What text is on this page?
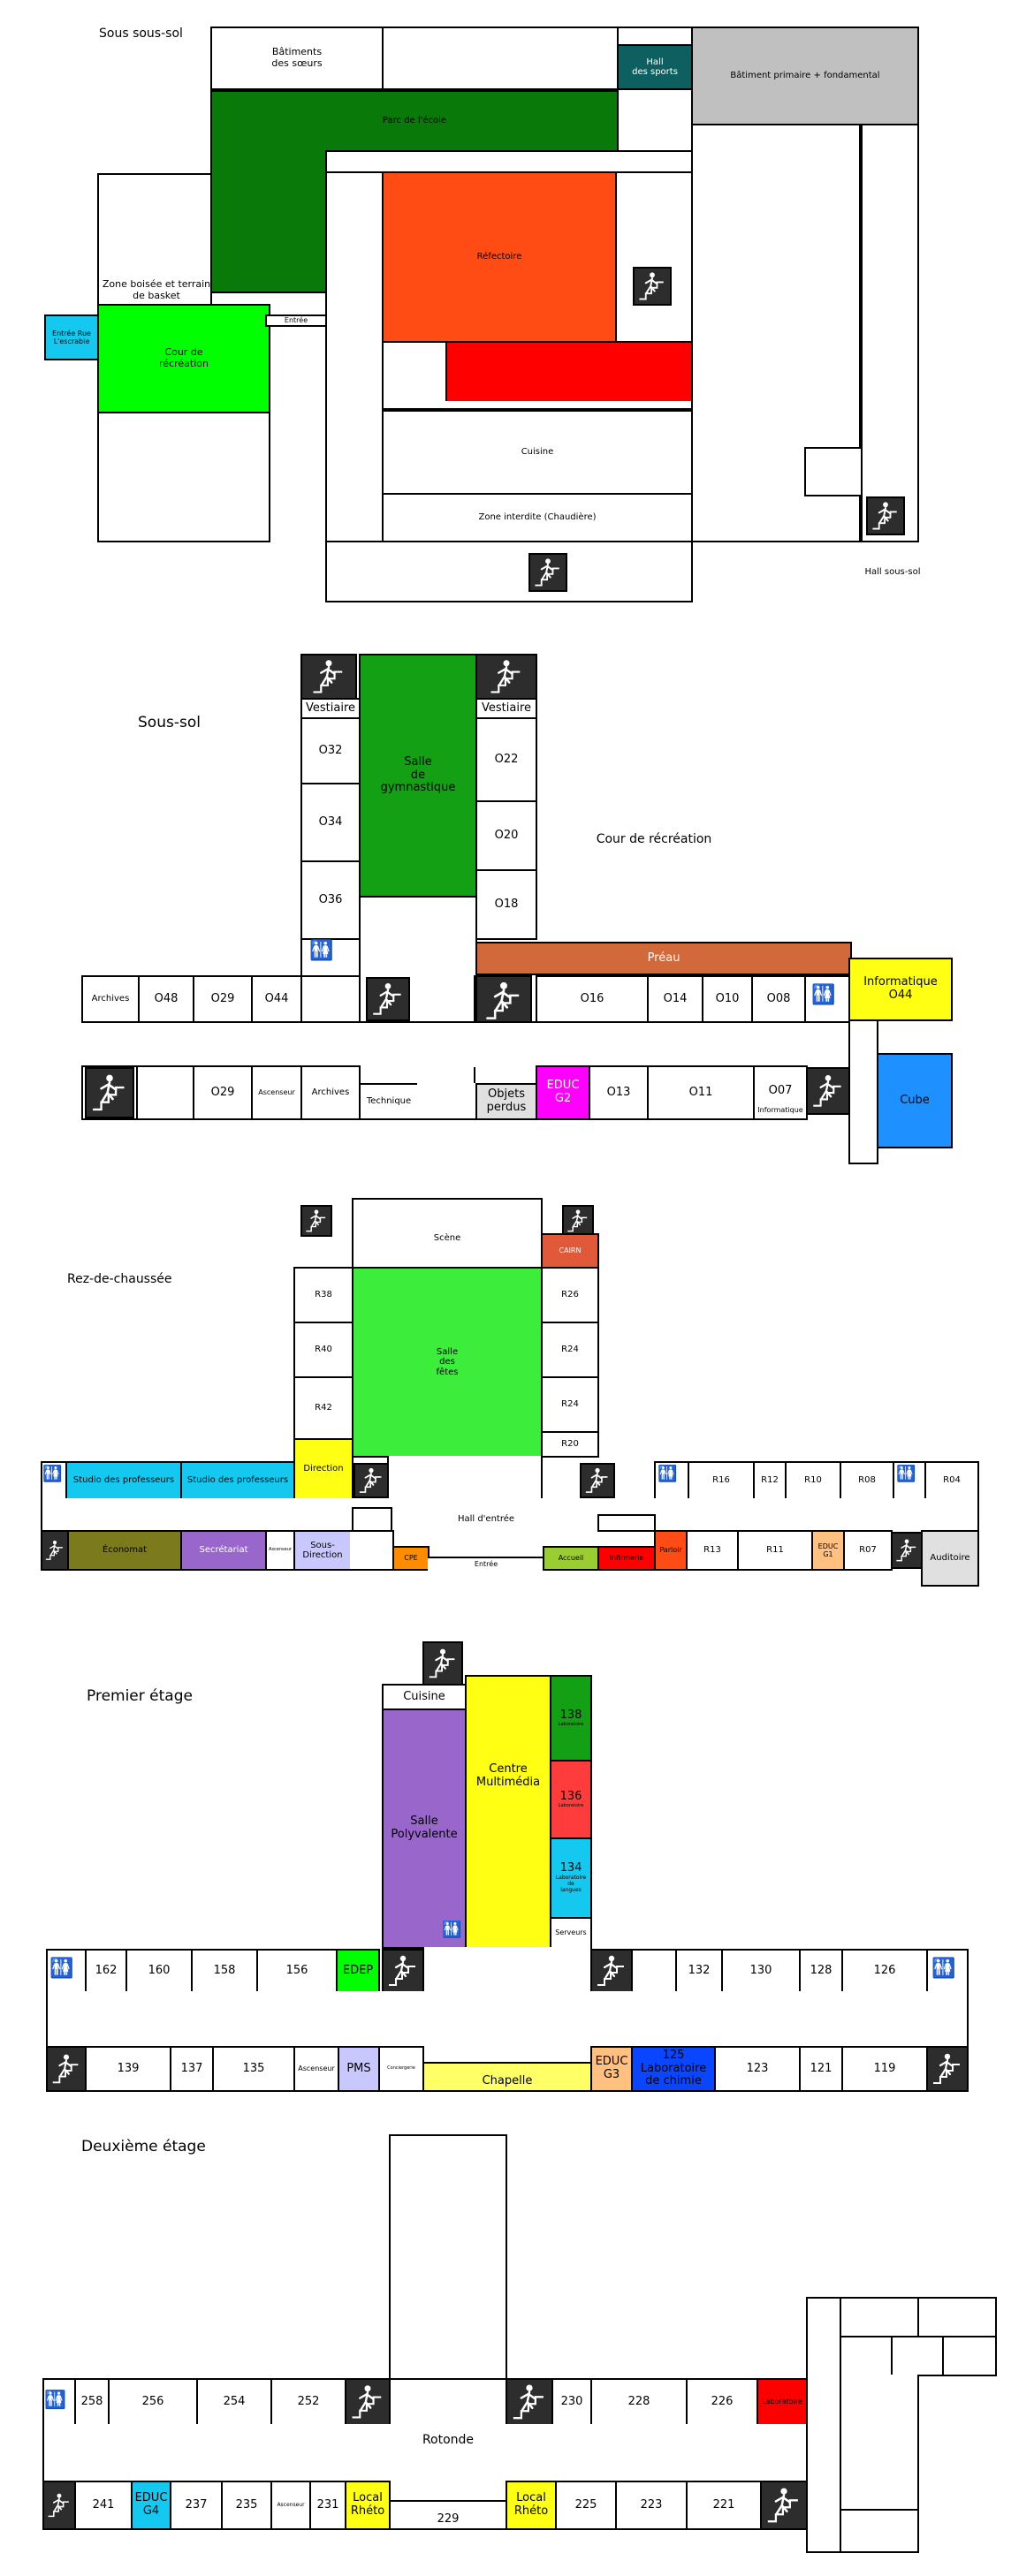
Sous sous-sol
Bâtiments
des sœurs	Hall
des sports	Bâtiment primaire + fondamental
Parc de l'école
Zone boisée et terrain
de basket
Réfectoire
Cour de
récréation
Entrée
Entrée Rue
L'escrabie
Cuisine
Zone interdite (Chaudière)
Hall sous-sol
Sous-sol
Vestiaire
Salle
de
gymnastique
Vestiaire
O32
O34
O36
🚻
O22
O20
O18
Cour de récréation
Préau
Archives	O48	O29	O44	O16	O14	O10	O08	🚻
Informatique
O44
O29	Ascenseur	Archives
Technique
Objets
perdus
EDUC
G2	O13	O11	O07
Informatique
Cube
Rez-de-chaussée
Scène
CAIRN
R38
R40
R42
Salle
des
fêtes
R26
R24
R24
R20
🚻	Studio des professeurs	Studio des professeurs
Direction	🚻	R16	R12	R10	R08	🚻	R04
Hall d'entrée
Économat	Secrétariat	Ascenseur	Sous-
Direction	CPE
Entrée
Accueil	Infirmerie
Parloir	R13	R11	EDUC
G1	R07
Auditoire
Premier étage	Cuisine
Salle
Polyvalente
🚻
Centre
Multimédia
138
Laboratoire
136
Laboratoire
134
Laboratoire
de
langues
Serveurs
🚻	162	160	158	156	EDEP	132	130	128	126	🚻
139	137	135	Ascenseur	PMS	Conciergerie
Chapelle
EDUC
G3
125
Laboratoire
de chimie
123	121	119
Deuxième étage
🚻	258	256	254	252	230	228	226	Laboratoire
Rotonde
241	EDUC
G4	237	235	Ascenseur	231	Local
Rhéto
229
Local
Rhéto	225	223	221
